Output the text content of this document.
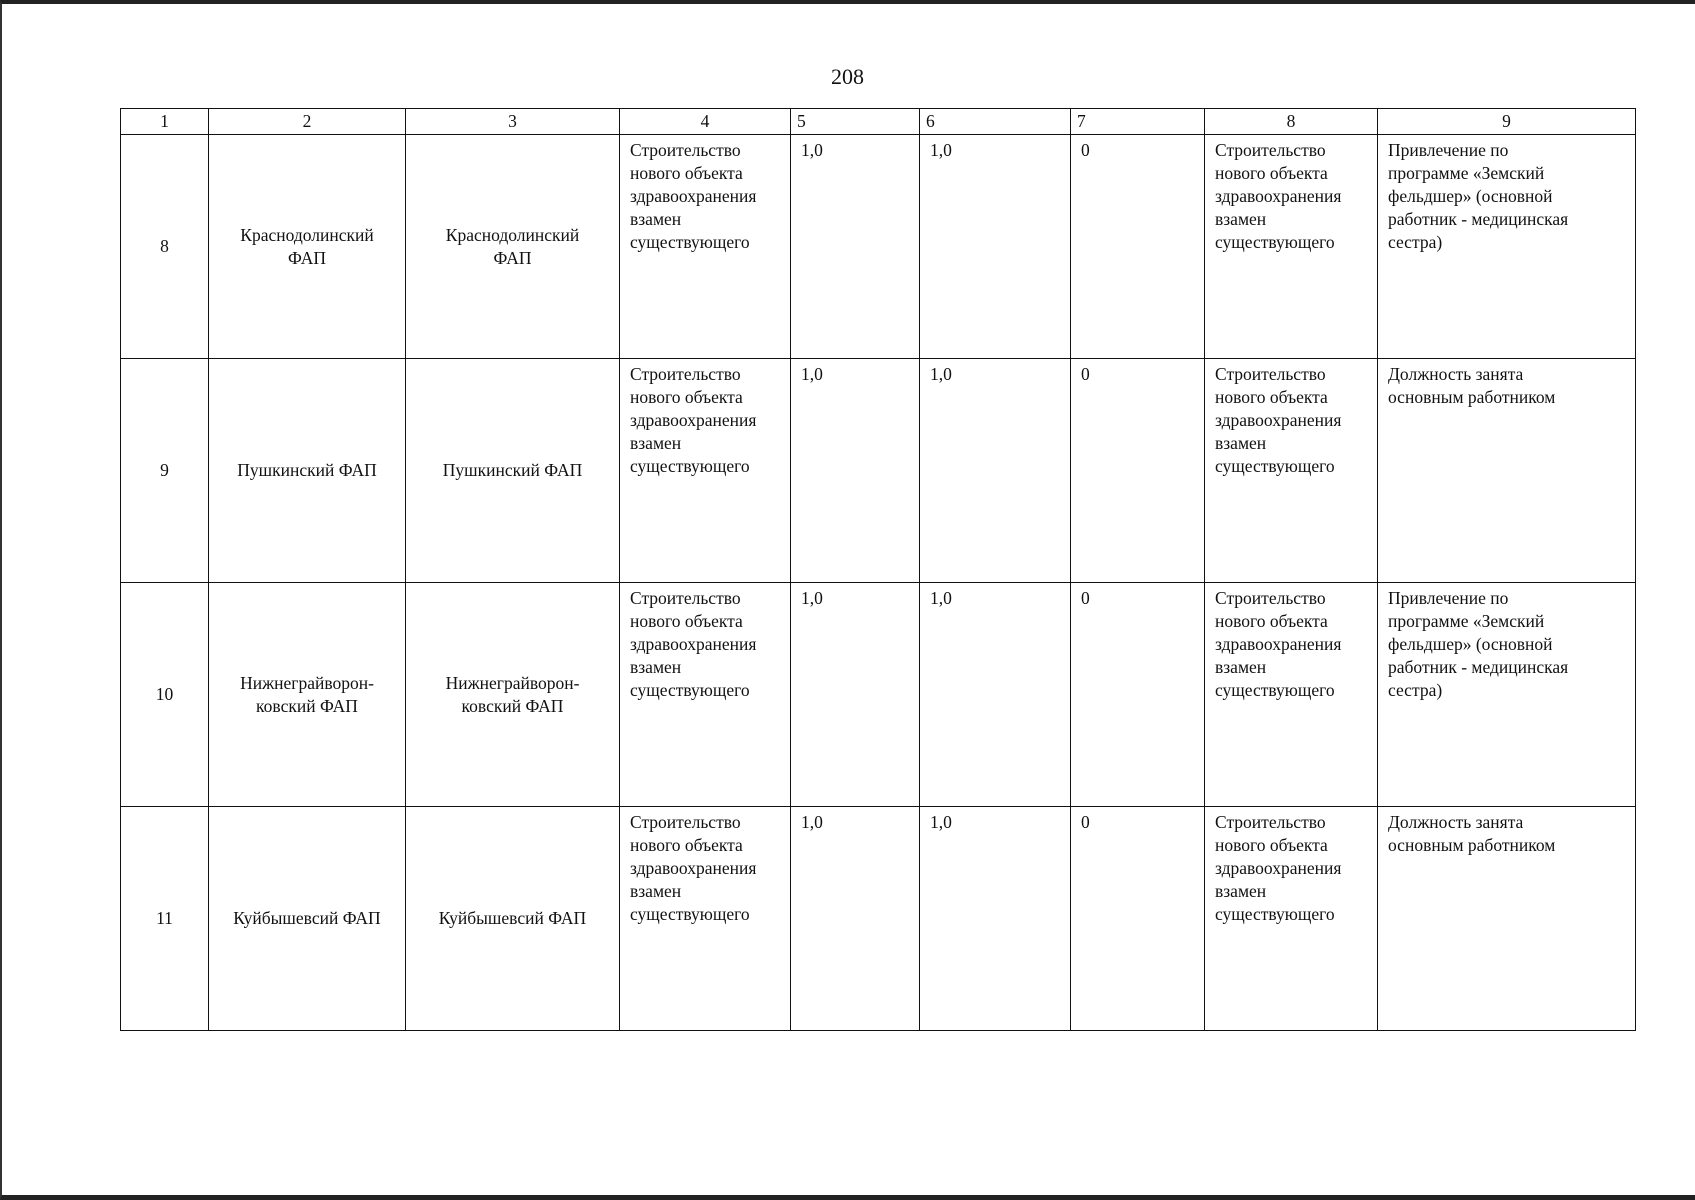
208
1	2	3	4	5	6	7	8	9
8	Краснодолинский
ФАП	Краснодолинский
ФАП	Строительство
нового объекта
здравоохранения
взамен
существующего	1,0	1,0	0	Строительство
нового объекта
здравоохранения
взамен
существующего	Привлечение по
программе «Земский
фельдшер» (основной
работник - медицинская
сестра)
9	Пушкинский ФАП	Пушкинский ФАП	Строительство
нового объекта
здравоохранения
взамен
существующего	1,0	1,0	0	Строительство
нового объекта
здравоохранения
взамен
существующего	Должность занята
основным работником
10	Нижнеграйворон-
ковский ФАП	Нижнеграйворон-
ковский ФАП	Строительство
нового объекта
здравоохранения
взамен
существующего	1,0	1,0	0	Строительство
нового объекта
здравоохранения
взамен
существующего	Привлечение по
программе «Земский
фельдшер» (основной
работник - медицинская
сестра)
11	Куйбышевсий ФАП	Куйбышевсий ФАП	Строительство
нового объекта
здравоохранения
взамен
существующего	1,0	1,0	0	Строительство
нового объекта
здравоохранения
взамен
существующего	Должность занята
основным работником
